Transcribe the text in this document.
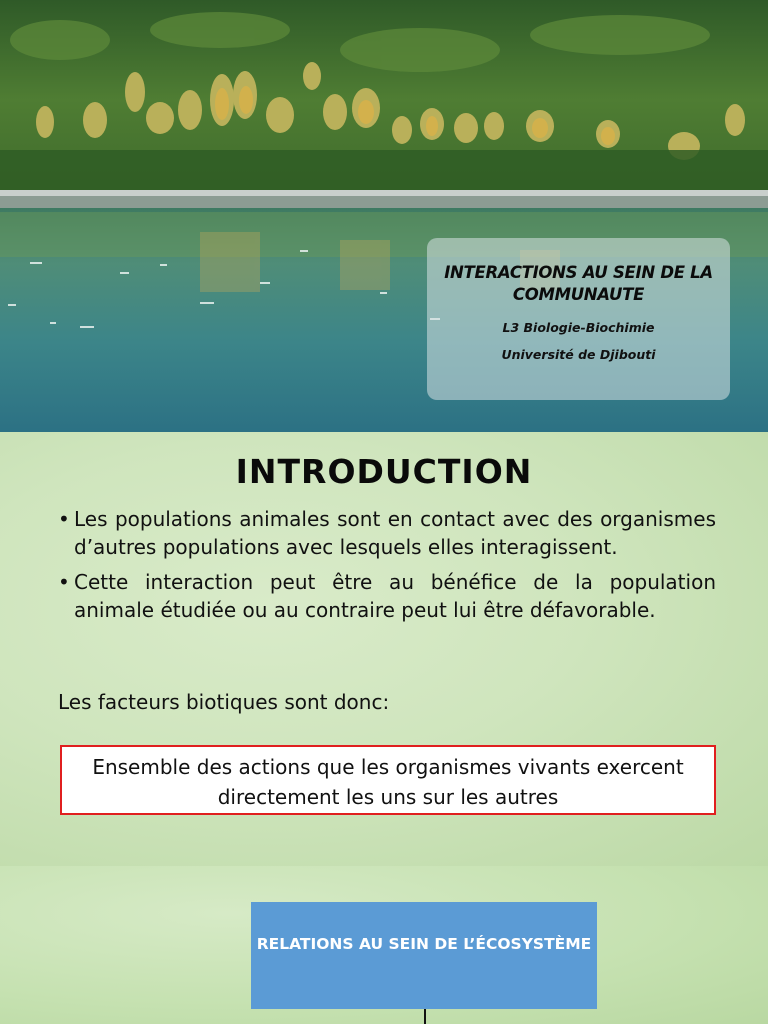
INTERACTIONS AU SEIN DE LA COMMUNAUTE
L3 Biologie-Biochimie
Université de Djibouti
INTRODUCTION
• Les populations animales sont en contact avec des organismes d’autres populations avec lesquels elles interagissent.
• Cette interaction peut être au bénéfice de la population animale étudiée ou au contraire peut lui être défavorable.
Les facteurs biotiques sont donc:
Ensemble des actions que les organismes vivants exercent directement les uns sur les autres
RELATIONS AU SEIN DE L’ÉCOSYSTÈME
